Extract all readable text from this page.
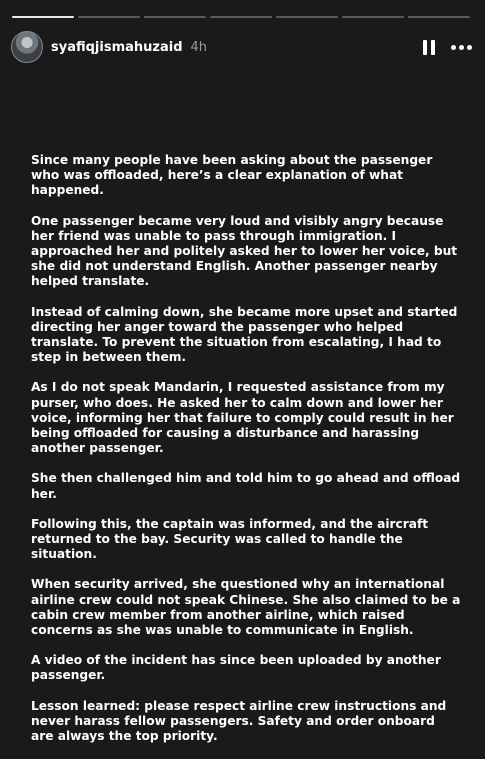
syafiqjismahuzaid 4h

Since many people have been asking about the passenger who was offloaded, here’s a clear explanation of what happened.

One passenger became very loud and visibly angry because her friend was unable to pass through immigration. I approached her and politely asked her to lower her voice, but she did not understand English. Another passenger nearby helped translate.

Instead of calming down, she became more upset and started directing her anger toward the passenger who helped translate. To prevent the situation from escalating, I had to step in between them.

As I do not speak Mandarin, I requested assistance from my purser, who does. He asked her to calm down and lower her voice, informing her that failure to comply could result in her being offloaded for causing a disturbance and harassing another passenger.

She then challenged him and told him to go ahead and offload her.

Following this, the captain was informed, and the aircraft returned to the bay. Security was called to handle the situation.

When security arrived, she questioned why an international airline crew could not speak Chinese. She also claimed to be a cabin crew member from another airline, which raised concerns as she was unable to communicate in English.

A video of the incident has since been uploaded by another passenger.

Lesson learned: please respect airline crew instructions and never harass fellow passengers. Safety and order onboard are always the top priority.
